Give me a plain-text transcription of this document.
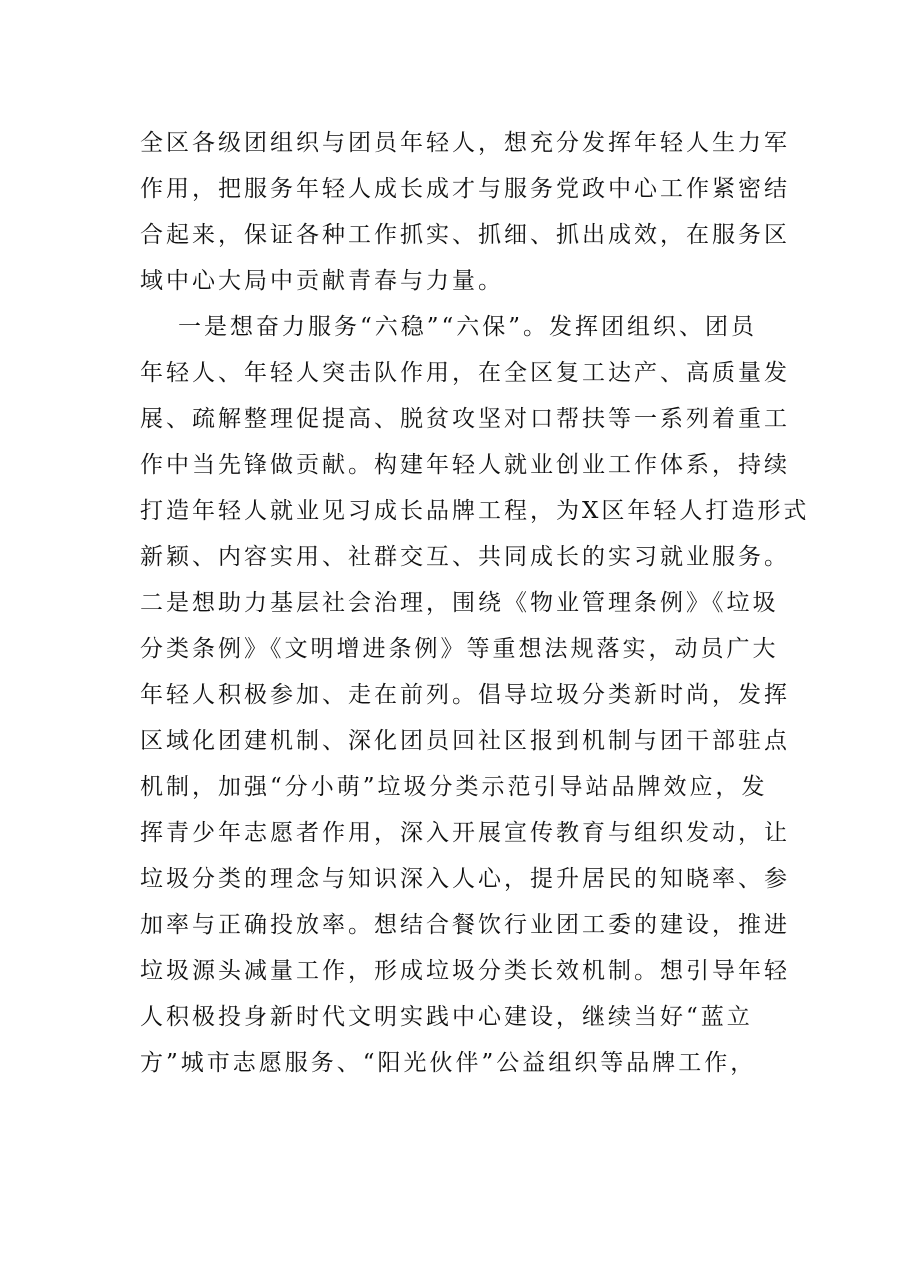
全区各级团组织与团员年轻人，想充分发挥年轻人生力军
作用，把服务年轻人成长成才与服务党政中心工作紧密结
合起来，保证各种工作抓实、抓细、抓出成效，在服务区
域中心大局中贡献青春与力量。
一是想奋力服务“六稳”“六保”。发挥团组织、团员
年轻人、年轻人突击队作用，在全区复工达产、高质量发
展、疏解整理促提高、脱贫攻坚对口帮扶等一系列着重工
作中当先锋做贡献。构建年轻人就业创业工作体系，持续
打造年轻人就业见习成长品牌工程，为X区年轻人打造形式
新颖、内容实用、社群交互、共同成长的实习就业服务。
二是想助力基层社会治理，围绕《物业管理条例》《垃圾
分类条例》《文明增进条例》等重想法规落实，动员广大
年轻人积极参加、走在前列。倡导垃圾分类新时尚，发挥
区域化团建机制、深化团员回社区报到机制与团干部驻点
机制，加强“分小萌”垃圾分类示范引导站品牌效应，发
挥青少年志愿者作用，深入开展宣传教育与组织发动，让
垃圾分类的理念与知识深入人心，提升居民的知晓率、参
加率与正确投放率。想结合餐饮行业团工委的建设，推进
垃圾源头减量工作，形成垃圾分类长效机制。想引导年轻
人积极投身新时代文明实践中心建设，继续当好“蓝立
方”城市志愿服务、“阳光伙伴”公益组织等品牌工作，
